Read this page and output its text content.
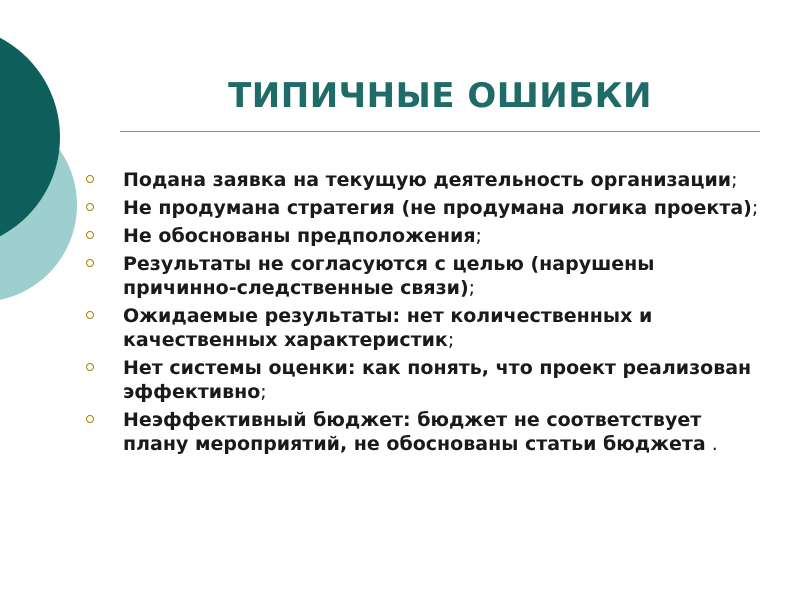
ТИПИЧНЫЕ ОШИБКИ
Подана заявка на текущую деятельность организации;
Не продумана стратегия (не продумана логика проекта);
Не обоснованы предположения;
Результаты не согласуются с целью (нарушены причинно-следственные связи);
Ожидаемые результаты: нет количественных и качественных характеристик;
Нет системы оценки: как понять, что проект реализован эффективно;
Неэффективный бюджет: бюджет не соответствует плану мероприятий, не обоснованы статьи бюджета .
